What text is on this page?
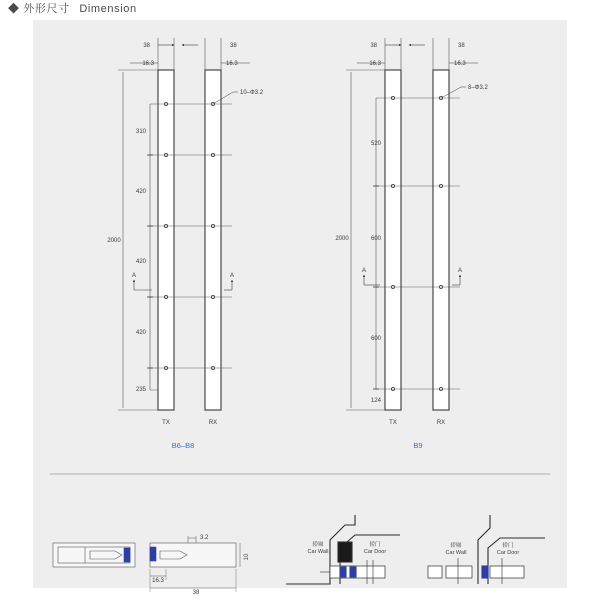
◆ 外形尺寸 Dimension
38	38
16.3	16.3
10–Φ3.2
2000
310
420
420
420
235
A	A
TX	RX
B6–B8
38	38
16.3	16.3
8–Φ3.2
2000
520
600
600
124
A	A
TX	RX
B9
3.2
10
16.3
38
轿厢
Car Wall
轿门
Car Door
轿厢
Car Wall
轿门
Car Door
